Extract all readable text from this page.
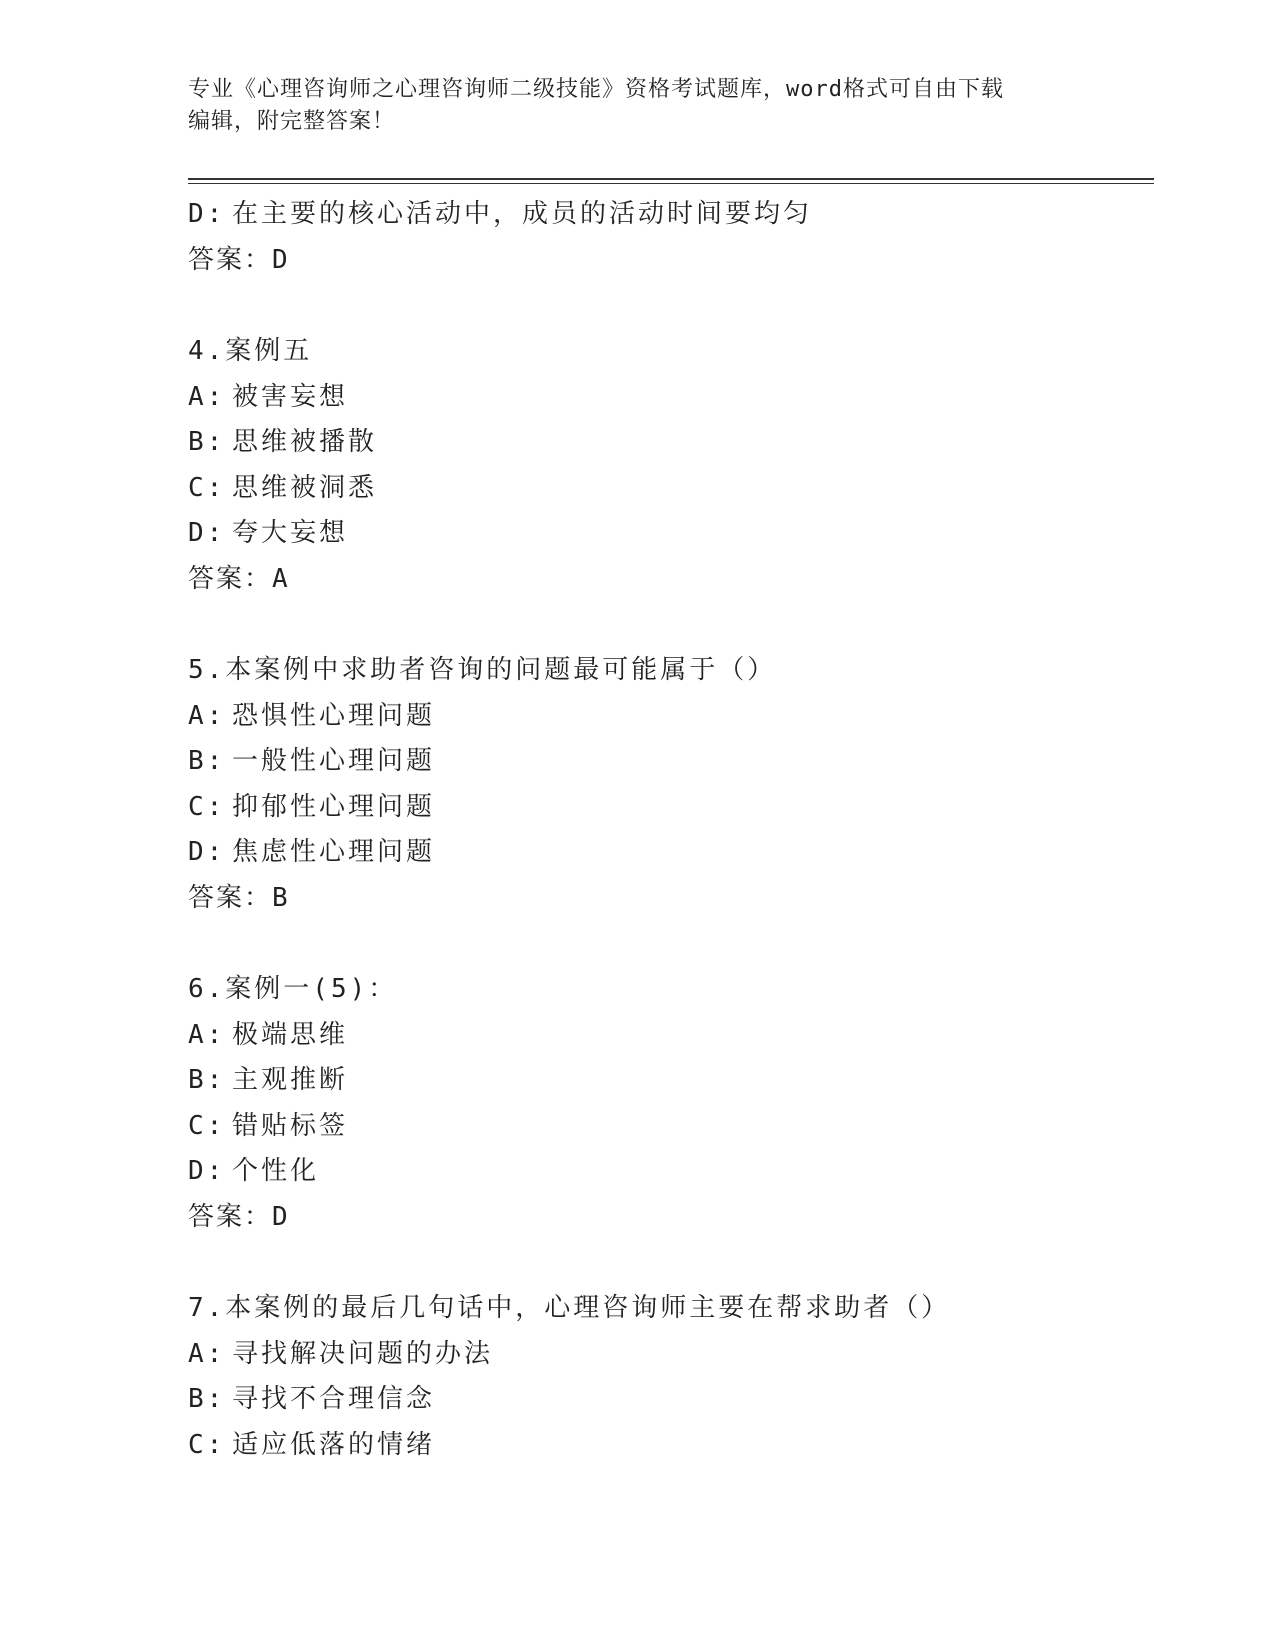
专业《心理咨询师之心理咨询师二级技能》资格考试题库，word格式可自由下载
编辑，附完整答案！
D: 在主要的核心活动中，成员的活动时间要均匀
答案：D
4.案例五
A: 被害妄想
B: 思维被播散
C: 思维被洞悉
D: 夸大妄想
答案：A
5.本案例中求助者咨询的问题最可能属于（）
A: 恐惧性心理问题
B: 一般性心理问题
C: 抑郁性心理问题
D: 焦虑性心理问题
答案：B
6.案例一(5)：
A: 极端思维
B: 主观推断
C: 错贴标签
D: 个性化
答案：D
7.本案例的最后几句话中，心理咨询师主要在帮求助者（）
A: 寻找解决问题的办法
B: 寻找不合理信念
C: 适应低落的情绪
